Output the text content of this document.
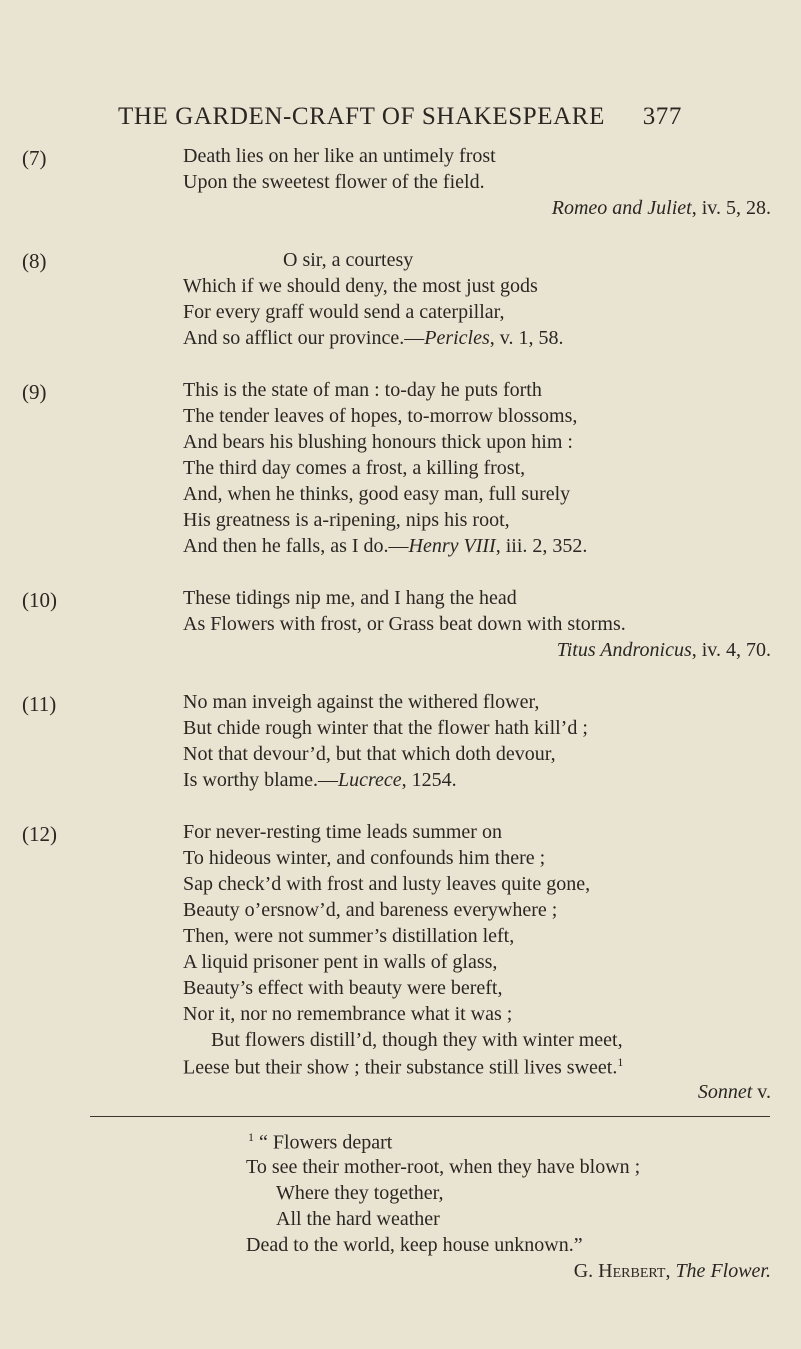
THE GARDEN-CRAFT OF SHAKESPEARE 377
(7)	Death lies on her like an untimely frost
Upon the sweetest flower of the field.
Romeo and Juliet, iv. 5, 28.
(8)	O sir, a courtesy
Which if we should deny, the most just gods
For every graff would send a caterpillar,
And so afflict our province.—Pericles, v. 1, 58.
(9)	This is the state of man : to-day he puts forth
The tender leaves of hopes, to-morrow blossoms,
And bears his blushing honours thick upon him :
The third day comes a frost, a killing frost,
And, when he thinks, good easy man, full surely
His greatness is a-ripening, nips his root,
And then he falls, as I do.—Henry VIII, iii. 2, 352.
(10)	These tidings nip me, and I hang the head
As Flowers with frost, or Grass beat down with storms.
Titus Andronicus, iv. 4, 70.
(11)	No man inveigh against the withered flower,
But chide rough winter that the flower hath kill’d ;
Not that devour’d, but that which doth devour,
Is worthy blame.—Lucrece, 1254.
(12)	For never-resting time leads summer on
To hideous winter, and confounds him there ;
Sap check’d with frost and lusty leaves quite gone,
Beauty o’ersnow’d, and bareness everywhere ;
Then, were not summer’s distillation left,
A liquid prisoner pent in walls of glass,
Beauty’s effect with beauty were bereft,
Nor it, nor no remembrance what it was ;
But flowers distill’d, though they with winter meet,
Leese but their show ; their substance still lives sweet.$^1$
Sonnet v.
$^1$ “ Flowers depart
To see their mother-root, when they have blown ;
Where they together,
All the hard weather
Dead to the world, keep house unknown.”
G. Herbert, The Flower.
